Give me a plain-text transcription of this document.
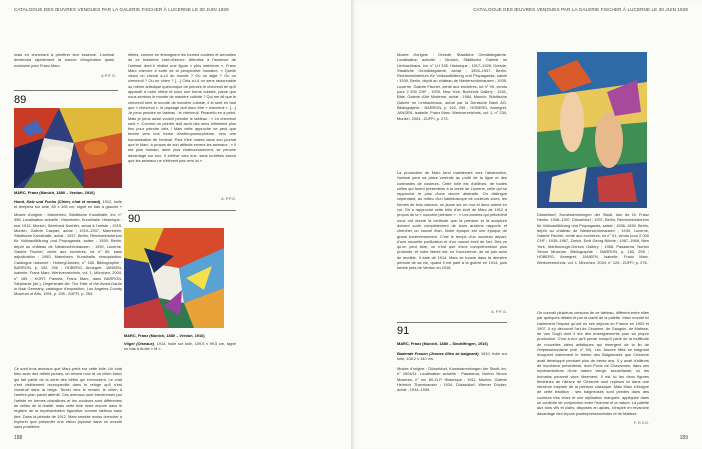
CATALOGUE DES ŒUVRES VENDUES PAR LA GALERIE FISCHER À LUCERNE LE 30 JUIN 1939
mais en cherchant à pénétrer leur essence. L'animal deviendra rapidement la source d'inspiration quasi exclusive pour Franz Marc.
A.P.P. G.
89
MARC, Franz (Munich, 1880 – Verdun, 1916)
Hund, Katz und Fuchs (Chien, chat et renard), 1912, huile et tempera sur toile, 80 x 105 cm, signé en bas à gauche «
Musée d'origine : Mannheim, Städtische Kunsthalle, inv. n° 498. Localisation actuelle : Mannheim, Kunsthalle. Historique : mai 1912, Munich, Bernhard Koehler, achat à l'artiste ; 1919, Munich, Galerie Caspari, achat ; 1919–1937, Mannheim, Städtische Kunsthalle, achat ; 1937, Berlin, Reichsministerium für Volksaufklärung und Propaganda, saisie ; 1939, Berlin, dépôt au château de Niederschönhausen ; 1939, Lucerne, Galerie Fischer, vente aux enchères, lot n° 89, sans adjudication ; 1940, Mannheim, Kunsthalle, réacquisition. Catalogue raisonné : Hoberg/Jansen, n° 185. Bibliographie : BARRON, p. 162, 295 ; HOBERG, Annegret, JANSEN, Isabelle, Franz Marc. Werkverzeichnis, vol. 1, München, 2004, n° 185 ; KORT, Pamela, Franz Marc, dans BARRON, Stephanie (dir.), Degenerate Art: The Fate of the Avant-Garde in Nazi Germany, catalogue d'exposition, Los Angeles County Museum of Arts, 1991, p. 295 ; ZUFFI, p. 254.
Ce sont trois animaux que Marc peint sur cette toile. Un chat bleu avec des reflets jaunes, un renard roux et un chien blanc qui fait partie de la série des bêtes qui s'enroulent. Le chat s'est visiblement recroquevillé dans le refuge qu'il s'est construit dans la neige. Tendu vers le renard, le chien à l'arrière-plan paraît attentif. Ces animaux sont transformés par l'artiste en formes cristallines et les couleurs sont différentes de celles de la réalité, mais cette toile reste encore dans le registre de la représentation figurative comme tableau sans titre. Dans la période de 1912, Marc semble moins chercher à explorer que présenter une vision joyeuse dans un monde sans problème.
rifiées, comme en témoignent les formes coulées et arrondies de ce troisième chef-d'œuvre. Attentive à l'essence de l'animal, dont il réalise une figure « plus intérieure », Franz Marc cherche à sortir de la perspective humaine. « Quelle vision un cheval a-t-il du monde ? Ou un aigle ? Ou un chevreuil ? Ou un chien ? […] Cela a-t-il un sens raisonnable ou même artistique quelconque de peindre le chevreuil tel qu'il apparaît à notre rétine et sous une forme cubiste, parce que nous sentons le monde de manière cubiste ? Qui me dit que le chevreuil sent le monde de manière cubiste, il le sent en tant que « chevreuil », le paysage doit donc être « chevreuil ». […] Je peux peindre un tableau : le chevreuil. Pisanello en a peint. Mais je peux aussi vouloir peindre le tableau : « Le chevreuil sent ». Comme un peintre doit avoir des sens infiniment plus fins pour peindre cela ! Mais cette approche ne peut que tendre vers une forme d'anthropomorphisme, vers une humanisation de l'animal. Paul Klee notera dans son journal que le Marc, à propos de son attitude envers les animaux : « Il est plus humain, aime plus chaleureusement, se penche davantage sur eux. Il s'élève vers eux, sans toutefois savoir que les animaux ne s'élèvent pas vers lui ».
A. P.P.G.
90
MARC, Franz (Munich, 1880 – Verdun, 1916)
Vögel (Oiseaux), 1914, huile sur toile, 109,5 x 99,5 cm, signé en bas à droite « M ».
188
CATALOGUE DES ŒUVRES VENDUES PAR LA GALERIE FISCHER À LUCERNE LE 30 JUIN 1939
Musée d'origine : Dresde, Staatliche Gemäldegalerie. Localisation actuelle : Munich, Städtische Galerie im Lenbachhaus, inv. n° LH 335. Historique : 1917–1928, Dresde, Staatliche Gemäldegalerie, achat ; 1928–1937, Berlin, Reichsministerium für Volksaufklärung und Propaganda, saisie ; 1939, Berlin, dépôt au château de Niederschönhausen ; 1939, Lucerne, Galerie Fischer, vente aux enchères, lot n° 90, vendu pour 2 500 CHF ; 1939, New York, Buchholz Gallery ; 1941, Bâle, Galerie d'Art Moderne, achat ; 1964, Munich, Städtische Galerie im Lenbachhaus, achat par la Deutsche Bank AG. Bibliographie : BARRON, p. 162, 296 ; HOBERG, Annegret, JANSEN, Isabelle, Franz Marc. Werkverzeichnis, vol. 1, n° 234, Munich, 2004 ; ZUFFI, p. 273.
La production de Marc tend maintenant vers l'abstraction, l'animal perd sa place centrale au profit de la ligne et des contrastes de couleurs. Cette toile est d'ailleurs, de toutes celles qui furent présentées à la vente de Lucerne, celle qui se rapproche le plus d'une œuvre abstraite. On distingue cependant, au milieu d'un kaléidoscope de couleurs vives, les formes de trois oiseaux, un jaune sur un mur et deux autres en vol. On a rapproché cette toile d'un écrit de Marc de 1912 à propos de la « nouvelle peinture » : « Les années qui précèdent nous ont donné la certitude que la peinture et la sculpture doivent sortir complètement de leurs anciens rapports et chercher un nouvel élan. Notre époque est une époque de grand bouleversement. C'est le temps d'un nouveau départ, d'une nouvelle purification et d'un nouvel éveil de l'art. Dès ce qu'on peut faire, ce n'est que d'une compréhension plus profonde, et notre liberté est, en l'occurrence, de ne pas avoir de modèle. Il date de 1914. Marc se trouve dans la dernière période de sa vie, quand il est parti à la guerre en 1914, puis tombé près de Verdun en 1916.
A. P.P. G.
91
MARC, Franz (Munich, 1880 – Sindelfingen, 1916)
Badende Frauen (Jeunes filles se baignant), 1910, huile sur toile, 108,2 x 140 cm.
Musée d'origine : Düsseldorf, Kunstsammlungen der Stadt, inv. n° 1604/11. Localisation actuelle : Pasadena, Norton Simon Museum, n° inv. 69.11.P. Historique : 1911, Munich, Galerie Heinrich Thannhauser ; 1934, Düsseldorf, Werner Dücker, achat ; 1934–1936.
Düsseldorf, Kunstsammlungen der Stadt, don de Dr Franz Henke. 1936–1937, Düsseldorf ; 1937, Berlin, Reichsministerium für Volksaufklärung und Propaganda, saisie ; 1938–1939, Berlin, dépôt au château de Niederschönhausen ; 1939, Lucerne, Galerie Fischer, vente aux enchères, lot n° 91, vendu pour 2 000 CHF ; 1939–1967, Zurich, Emil Georg Bührle ; 1967–1968, New York, Marlborough-Gerson Gallery ; 1968, Pasadena, Norton Simon Museum. Bibliographie : BARRON, p. 163, 295 ; HOBERG, Annegret, JANSEN, Isabelle, Franz Marc. Werkverzeichnis, vol. 1, München, 2004, n° 126 ; ZUFFI, p. 276.
On connaît plusieurs versions de ce tableau, différent entre elles par quelques détails et par la clarté de la palette. Marc montre ici clairement l'impact qu'ont eu ses séjours en France en 1903 et 1907. Il s'y découvrit l'art de Cézanne, de Gauguin, de Matisse, de Van Gogh dont il tire des enseignements pour sa propre production. C'est à eux qu'il pense lorsqu'il parle de la multitude de nouvelles idées artistiques qui émergent de la fin de l'impressionnisme (voir n° 90). Les Jeunes filles se baignant évoquent clairement le thème des Baigneuses que Cézanne avait développé pendant plus de trente ans. Il y avait d'ailleurs de nombreux précédents, dont Puvis de Chavannes, dans ses représentations d'une nature vierge, accueillante, où les humains peuvent vivre librement. Il est ici les deux figures féminines de l'œuvre de Cézanne sont reprises ici dans une structure inspirée de la peinture classique. Mais Marc s'éloigne de cette tradition : ses baigneuses sont peintes dans des couleurs très vives et une stylisation marquée, appliquée dans un contexte de conjonction entre l'homme et la nature. La palette aux tons vifs et clairs, disposés en aplats, s'inspire en revanche davantage des leçons postimpressionnistes et de Matisse.
F. G.V.G.
189
